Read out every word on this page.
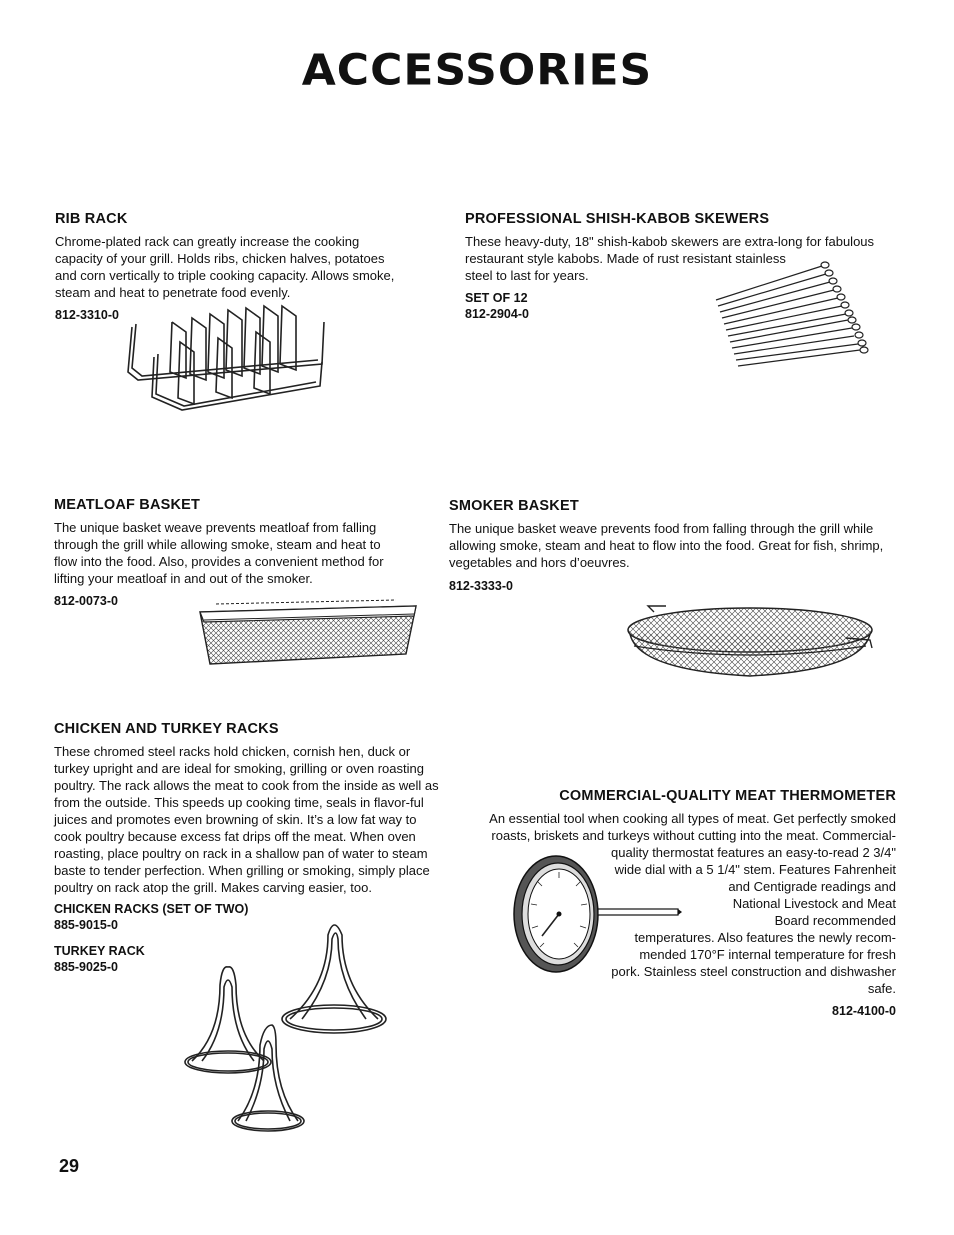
ACCESSORIES
RIB RACK

Chrome-plated rack can greatly increase the cooking capacity of your grill. Holds ribs, chicken halves, potatoes and corn vertically to triple cooking capacity. Allows smoke, steam and heat to penetrate food evenly.

812-3310-0

PROFESSIONAL SHISH-KABOB SKEWERS

These heavy-duty, 18" shish-kabob skewers are extra-long for fabulous

restaurant style kabobs. Made of rust resistant stainless

steel to last for years.

SET OF 12
812-2904-0
MEATLOAF BASKET

The unique basket weave prevents meatloaf from falling through the grill while allowing smoke, steam and heat to flow into the food. Also, provides a convenient method for lifting your meatloaf in and out of the smoker.

812-0073-0

SMOKER BASKET

The unique basket weave prevents food from falling through the grill while allowing smoke, steam and heat to flow into the food. Great for fish, shrimp, vegetables and hors d’oeuvres.

812-3333-0

CHICKEN AND TURKEY RACKS

These chromed steel racks hold chicken, cornish hen, duck or turkey upright and are ideal for smoking, grilling or oven roasting poultry. The rack allows the meat to cook from the inside as well as from the outside. This speeds up cooking time, seals in flavor-ful juices and promotes even browning of skin. It’s a low fat way to cook poultry because excess fat drips off the meat. When oven roasting, place poultry on rack in a shallow pan of water to steam baste to tender perfection. When grilling or smoking, simply place poultry on rack atop the grill. Makes carving easier, too.

CHICKEN RACKS (SET OF TWO)
885-9015-0
TURKEY RACK
885-9025-0
COMMERCIAL-QUALITY MEAT THERMOMETER

An essential tool when cooking all types of meat. Get perfectly smoked

roasts, briskets and turkeys without cutting into the meat. Commercial-

quality thermostat features an easy-to-read 2 3/4"

wide dial with a 5 1/4" stem. Features Fahrenheit

and Centigrade readings and

National Livestock and Meat

Board recommended

temperatures. Also features the newly recom-

mended 170°F internal temperature for fresh

pork. Stainless steel construction and dishwasher

safe.

812-4100-0

29
